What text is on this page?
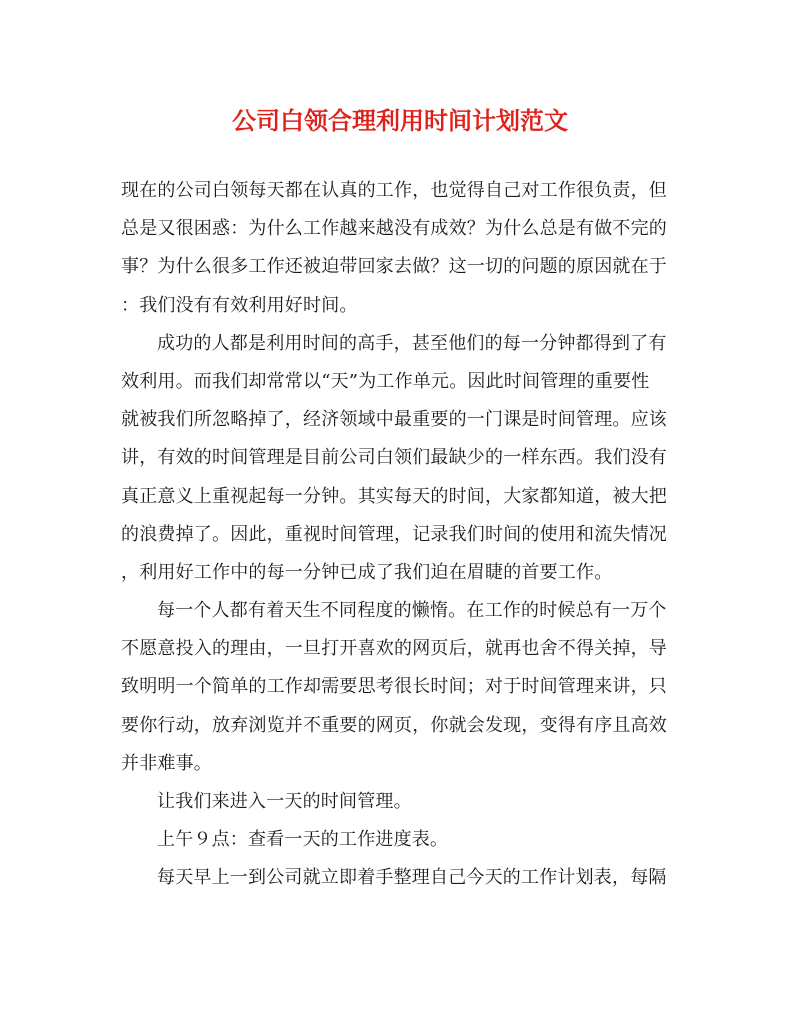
公司白领合理利用时间计划范文
现在的公司白领每天都在认真的工作，也觉得自己对工作很负责，但
总是又很困惑：为什么工作越来越没有成效？为什么总是有做不完的
事？为什么很多工作还被迫带回家去做？这一切的问题的原因就在于
：我们没有有效利用好时间。
成功的人都是利用时间的高手，甚至他们的每一分钟都得到了有
效利用。而我们却常常以“天”为工作单元。因此时间管理的重要性
就被我们所忽略掉了，经济领域中最重要的一门课是时间管理。应该
讲，有效的时间管理是目前公司白领们最缺少的一样东西。我们没有
真正意义上重视起每一分钟。其实每天的时间，大家都知道，被大把
的浪费掉了。因此，重视时间管理，记录我们时间的使用和流失情况
，利用好工作中的每一分钟已成了我们迫在眉睫的首要工作。
每一个人都有着天生不同程度的懒惰。在工作的时候总有一万个
不愿意投入的理由，一旦打开喜欢的网页后，就再也舍不得关掉，导
致明明一个简单的工作却需要思考很长时间；对于时间管理来讲，只
要你行动，放弃浏览并不重要的网页，你就会发现，变得有序且高效
并非难事。
让我们来进入一天的时间管理。
上午９点：查看一天的工作进度表。
每天早上一到公司就立即着手整理自己今天的工作计划表，每隔
